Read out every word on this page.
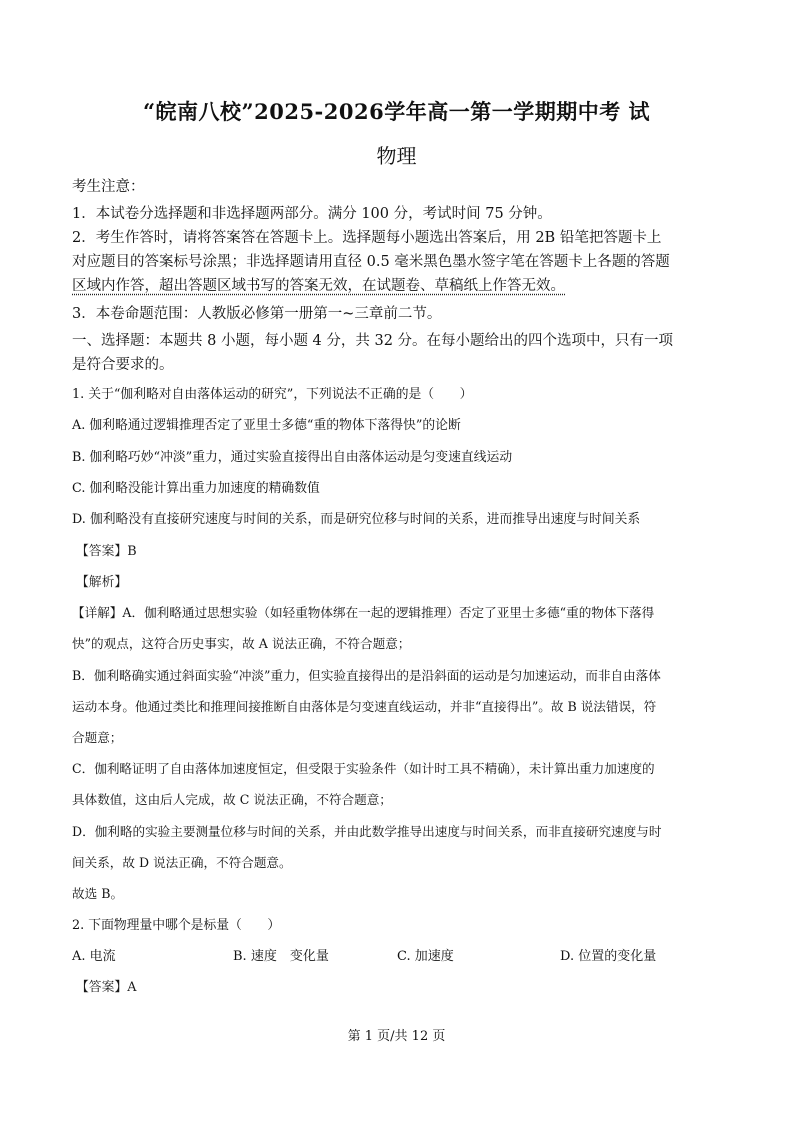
“皖南八校”2025-2026学年高一第一学期期中考 试
物理
考生注意：
1．本试卷分选择题和非选择题两部分。满分 100 分，考试时间 75 分钟。
2．考生作答时，请将答案答在答题卡上。选择题每小题选出答案后，用 2B 铅笔把答题卡上
对应题目的答案标号涂黑；非选择题请用直径 0.5 毫米黑色墨水签字笔在答题卡上各题的答题
区域内作答，超出答题区域书写的答案无效，在试题卷、草稿纸上作答无效。
3．本卷命题范围：人教版必修第一册第一~三章前二节。
一、选择题：本题共 8 小题，每小题 4 分，共 32 分。在每小题给出的四个选项中，只有一项
是符合要求的。
1. 关于“伽利略对自由落体运动的研究”，下列说法不正确的是（　　）
A. 伽利略通过逻辑推理否定了亚里士多德“重的物体下落得快”的论断
B. 伽利略巧妙“冲淡”重力，通过实验直接得出自由落体运动是匀变速直线运动
C. 伽利略没能计算出重力加速度的精确数值
D. 伽利略没有直接研究速度与时间的关系，而是研究位移与时间的关系，进而推导出速度与时间关系
【答案】B
【解析】
【详解】A．伽利略通过思想实验（如轻重物体绑在一起的逻辑推理）否定了亚里士多德“重的物体下落得
快”的观点，这符合历史事实，故 A 说法正确，不符合题意；
B．伽利略确实通过斜面实验“冲淡”重力，但实验直接得出的是沿斜面的运动是匀加速运动，而非自由落体
运动本身。他通过类比和推理间接推断自由落体是匀变速直线运动，并非“直接得出”。故 B 说法错误，符
合题意；
C．伽利略证明了自由落体加速度恒定，但受限于实验条件（如计时工具不精确），未计算出重力加速度的
具体数值，这由后人完成，故 C 说法正确，不符合题意；
D．伽利略的实验主要测量位移与时间的关系，并由此数学推导出速度与时间关系，而非直接研究速度与时
间关系，故 D 说法正确，不符合题意。
故选 B。
2. 下面物理量中哪个是标量（　　）
A. 电流	B. 速度　变化量	C. 加速度	D. 位置的变化量
【答案】A
第 1 页/共 12 页
